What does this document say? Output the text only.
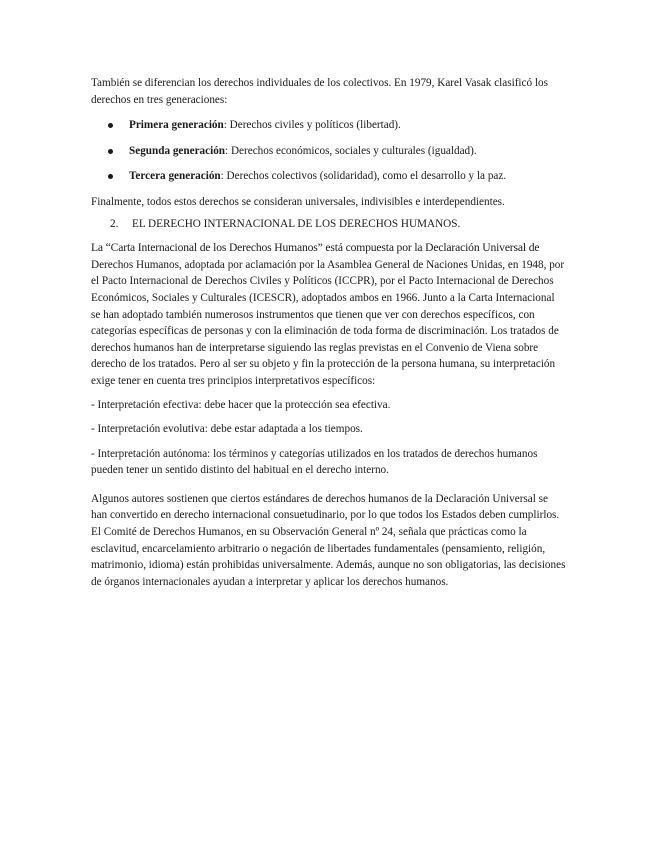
También se diferencian los derechos individuales de los colectivos. En 1979, Karel Vasak clasificó los derechos en tres generaciones:

Primera generación: Derechos civiles y políticos (libertad).
Segunda generación: Derechos económicos, sociales y culturales (igualdad).
Tercera generación: Derechos colectivos (solidaridad), como el desarrollo y la paz.

Finalmente, todos estos derechos se consideran universales, indivisibles e interdependientes.

2. EL DERECHO INTERNACIONAL DE LOS DERECHOS HUMANOS.

La “Carta Internacional de los Derechos Humanos” está compuesta por la Declaración Universal de Derechos Humanos, adoptada por aclamación por la Asamblea General de Naciones Unidas, en 1948, por el Pacto Internacional de Derechos Civiles y Políticos (ICCPR), por el Pacto Internacional de Derechos Económicos, Sociales y Culturales (ICESCR), adoptados ambos en 1966. Junto a la Carta Internacional se han adoptado también numerosos instrumentos que tienen que ver con derechos específicos, con categorías específicas de personas y con la eliminación de toda forma de discriminación. Los tratados de derechos humanos han de interpretarse siguiendo las reglas previstas en el Convenio de Viena sobre derecho de los tratados. Pero al ser su objeto y fin la protección de la persona humana, su interpretación exige tener en cuenta tres principios interpretativos específicos:

- Interpretación efectiva: debe hacer que la protección sea efectiva.

- Interpretación evolutiva: debe estar adaptada a los tiempos.

- Interpretación autónoma: los términos y categorías utilizados en los tratados de derechos humanos pueden tener un sentido distinto del habitual en el derecho interno.

Algunos autores sostienen que ciertos estándares de derechos humanos de la Declaración Universal se han convertido en derecho internacional consuetudinario, por lo que todos los Estados deben cumplirlos. El Comité de Derechos Humanos, en su Observación General nº 24, señala que prácticas como la esclavitud, encarcelamiento arbitrario o negación de libertades fundamentales (pensamiento, religión, matrimonio, idioma) están prohibidas universalmente. Además, aunque no son obligatorias, las decisiones de órganos internacionales ayudan a interpretar y aplicar los derechos humanos.
